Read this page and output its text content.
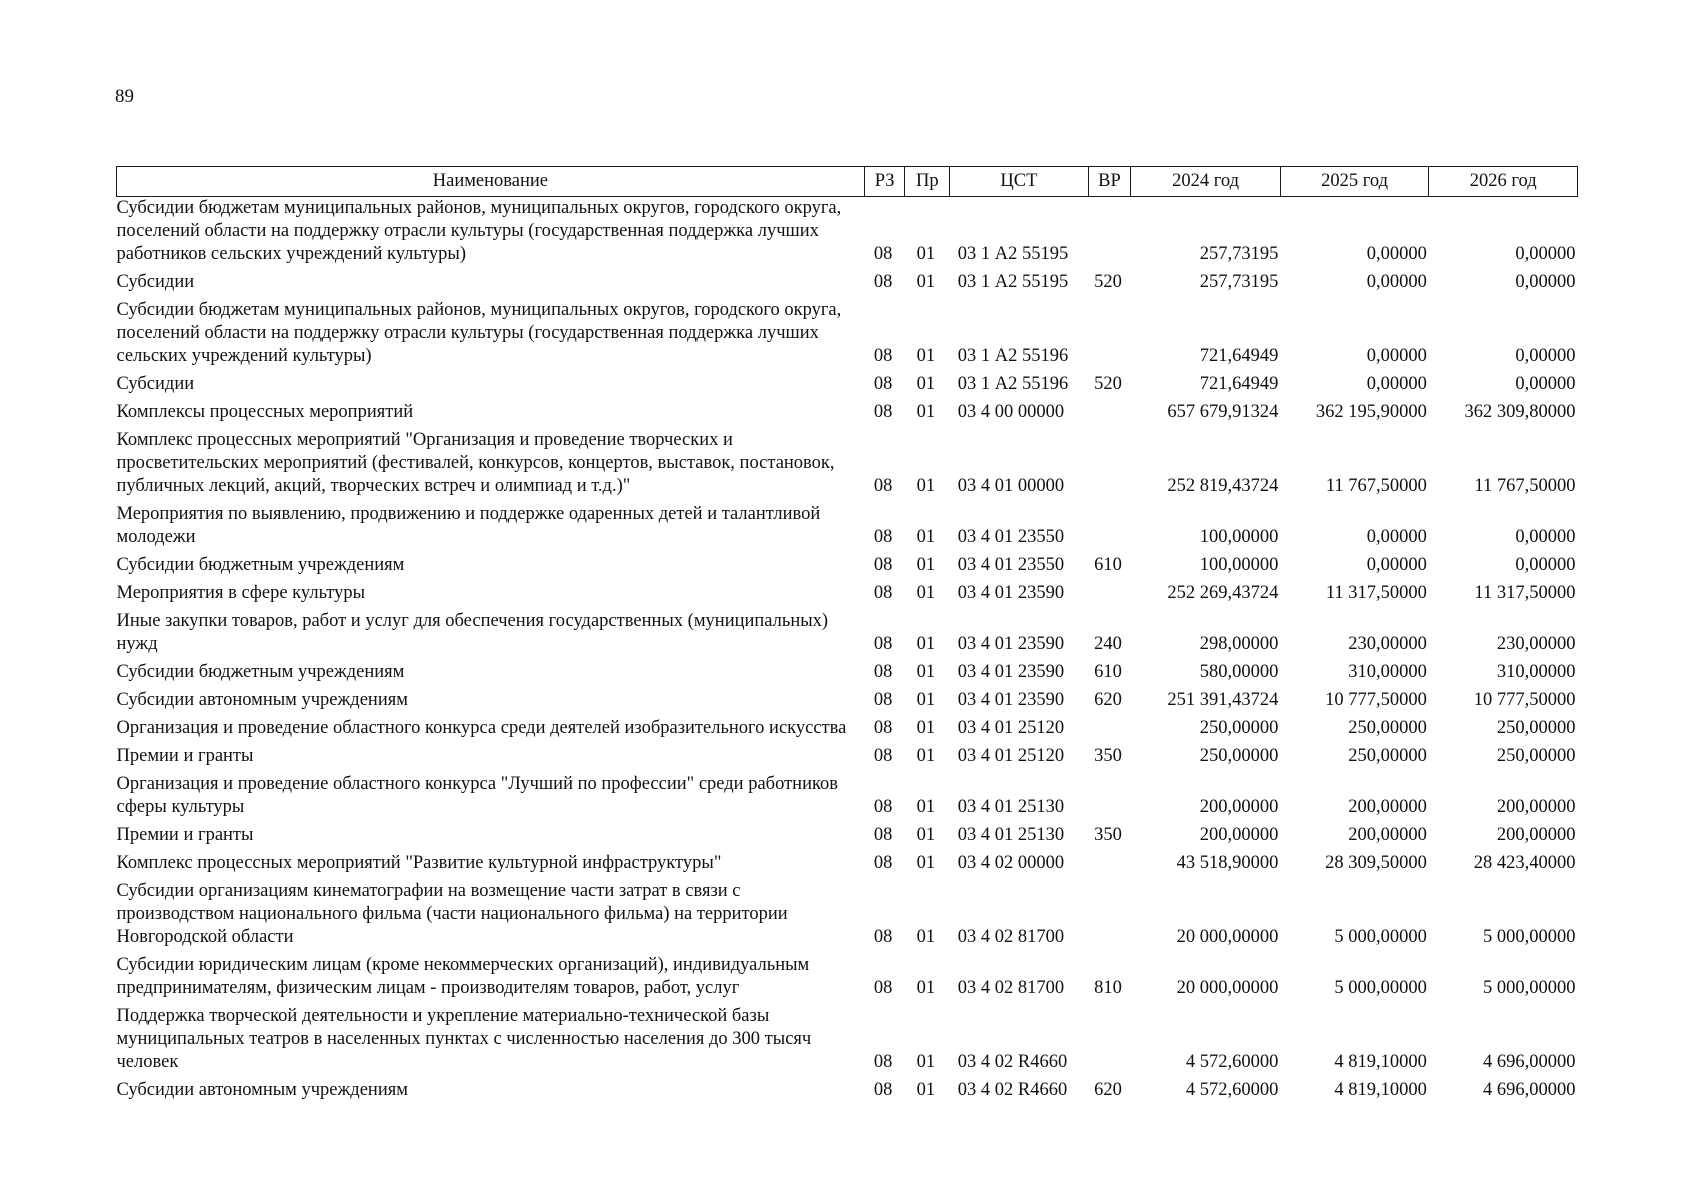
89
Наименование	РЗ	Пр	ЦСТ	ВР	2024 год	2025 год	2026 год
Субсидии бюджетам муниципальных районов, муниципальных округов, городского округа, поселений области на поддержку отрасли культуры (государственная поддержка лучших работников сельских учреждений культуры)	08	01	03 1 А2 55195		257,73195	0,00000	0,00000
Субсидии	08	01	03 1 А2 55195	520	257,73195	0,00000	0,00000
Субсидии бюджетам муниципальных районов, муниципальных округов, городского округа, поселений области на поддержку отрасли культуры (государственная поддержка лучших сельских учреждений культуры)	08	01	03 1 А2 55196		721,64949	0,00000	0,00000
Субсидии	08	01	03 1 А2 55196	520	721,64949	0,00000	0,00000
Комплексы процессных мероприятий	08	01	03 4 00 00000		657 679,91324	362 195,90000	362 309,80000
Комплекс процессных мероприятий "Организация и проведение творческих и просветительских мероприятий (фестивалей, конкурсов, концертов, выставок, постановок, публичных лекций, акций, творческих встреч и олимпиад и т.д.)"	08	01	03 4 01 00000		252 819,43724	11 767,50000	11 767,50000
Мероприятия по выявлению, продвижению и поддержке одаренных детей и талантливой молодежи	08	01	03 4 01 23550		100,00000	0,00000	0,00000
Субсидии бюджетным учреждениям	08	01	03 4 01 23550	610	100,00000	0,00000	0,00000
Мероприятия в сфере культуры	08	01	03 4 01 23590		252 269,43724	11 317,50000	11 317,50000
Иные закупки товаров, работ и услуг для обеспечения государственных (муниципальных) нужд	08	01	03 4 01 23590	240	298,00000	230,00000	230,00000
Субсидии бюджетным учреждениям	08	01	03 4 01 23590	610	580,00000	310,00000	310,00000
Субсидии автономным учреждениям	08	01	03 4 01 23590	620	251 391,43724	10 777,50000	10 777,50000
Организация и проведение областного конкурса среди деятелей изобразительного искусства	08	01	03 4 01 25120		250,00000	250,00000	250,00000
Премии и гранты	08	01	03 4 01 25120	350	250,00000	250,00000	250,00000
Организация и проведение областного конкурса "Лучший по профессии" среди работников сферы культуры	08	01	03 4 01 25130		200,00000	200,00000	200,00000
Премии и гранты	08	01	03 4 01 25130	350	200,00000	200,00000	200,00000
Комплекс процессных мероприятий "Развитие культурной инфраструктуры"	08	01	03 4 02 00000		43 518,90000	28 309,50000	28 423,40000
Субсидии организациям кинематографии на возмещение части затрат в связи с производством национального фильма (части национального фильма) на территории Новгородской области	08	01	03 4 02 81700		20 000,00000	5 000,00000	5 000,00000
Субсидии юридическим лицам (кроме некоммерческих организаций), индивидуальным предпринимателям, физическим лицам - производителям товаров, работ, услуг	08	01	03 4 02 81700	810	20 000,00000	5 000,00000	5 000,00000
Поддержка творческой деятельности и укрепление материально-технической базы муниципальных театров в населенных пунктах с численностью населения до 300 тысяч человек	08	01	03 4 02 R4660		4 572,60000	4 819,10000	4 696,00000
Субсидии автономным учреждениям	08	01	03 4 02 R4660	620	4 572,60000	4 819,10000	4 696,00000
